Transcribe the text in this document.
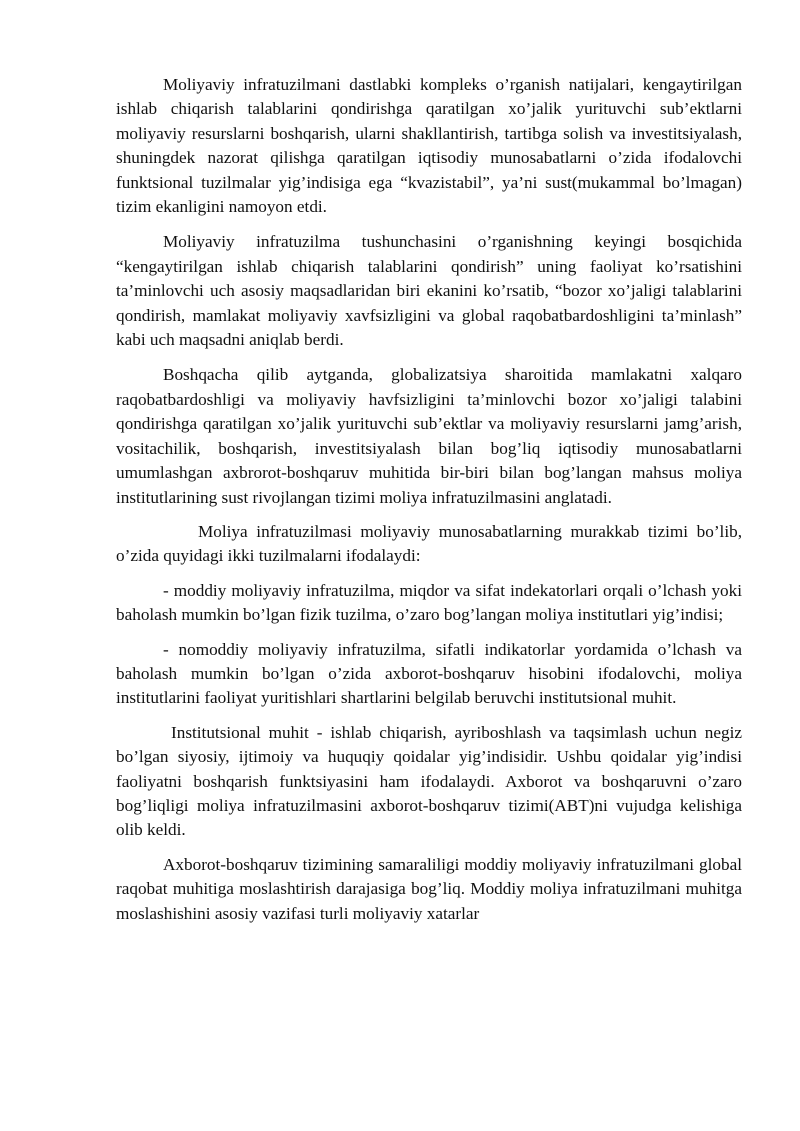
Moliyaviy infratuzilmani dastlabki kompleks o’rganish natijalari, kengaytirilgan ishlab chiqarish talablarini qondirishga qaratilgan xo’jalik yurituvchi sub’ektlarni moliyaviy resurslarni boshqarish, ularni shakllantirish, tartibga solish va investitsiyalash, shuningdek nazorat qilishga qaratilgan iqtisodiy munosabatlarni o’zida ifodalovchi funktsional tuzilmalar yig’indisiga ega “kvazistabil”, ya’ni sust(mukammal bo’lmagan) tizim ekanligini namoyon etdi.

Moliyaviy infratuzilma tushunchasini o’rganishning keyingi bosqichida “kengaytirilgan ishlab chiqarish talablarini qondirish” uning faoliyat ko’rsatishini ta’minlovchi uch asosiy maqsadlaridan biri ekanini ko’rsatib, “bozor xo’jaligi talablarini qondirish, mamlakat moliyaviy xavfsizligini va global raqobatbardoshligini ta’minlash” kabi uch maqsadni aniqlab berdi.

Boshqacha qilib aytganda, globalizatsiya sharoitida mamlakatni xalqaro raqobatbardoshligi va moliyaviy havfsizligini ta’minlovchi bozor xo’jaligi talabini qondirishga qaratilgan xo’jalik yurituvchi sub’ektlar va moliyaviy resurslarni jamg’arish, vositachilik, boshqarish, investitsiyalash bilan bog’liq iqtisodiy munosabatlarni umumlashgan axbrorot-boshqaruv muhitida bir-biri bilan bog’langan mahsus moliya institutlarining sust rivojlangan tizimi moliya infratuzilmasini anglatadi.

Moliya infratuzilmasi moliyaviy munosabatlarning murakkab tizimi bo’lib, o’zida quyidagi ikki tuzilmalarni ifodalaydi:

- moddiy moliyaviy infratuzilma, miqdor va sifat indekatorlari orqali o’lchash yoki baholash mumkin bo’lgan fizik tuzilma, o’zaro bog’langan moliya institutlari yig’indisi;

- nomoddiy moliyaviy infratuzilma, sifatli indikatorlar yordamida o’lchash va baholash mumkin bo’lgan o’zida axborot-boshqaruv hisobini ifodalovchi, moliya institutlarini faoliyat yuritishlari shartlarini belgilab beruvchi institutsional muhit.

Institutsional muhit - ishlab chiqarish, ayriboshlash va taqsimlash uchun negiz bo’lgan siyosiy, ijtimoiy va huquqiy qoidalar yig’indisidir. Ushbu qoidalar yig’indisi faoliyatni boshqarish funktsiyasini ham ifodalaydi. Axborot va boshqaruvni o’zaro bog’liqligi moliya infratuzilmasini axborot-boshqaruv tizimi(ABT)ni vujudga kelishiga olib keldi.

Axborot-boshqaruv tizimining samaraliligi moddiy moliyaviy infratuzilmani global raqobat muhitiga moslashtirish darajasiga bog’liq. Moddiy moliya infratuzilmani muhitga moslashishini asosiy vazifasi turli moliyaviy xatarlar
